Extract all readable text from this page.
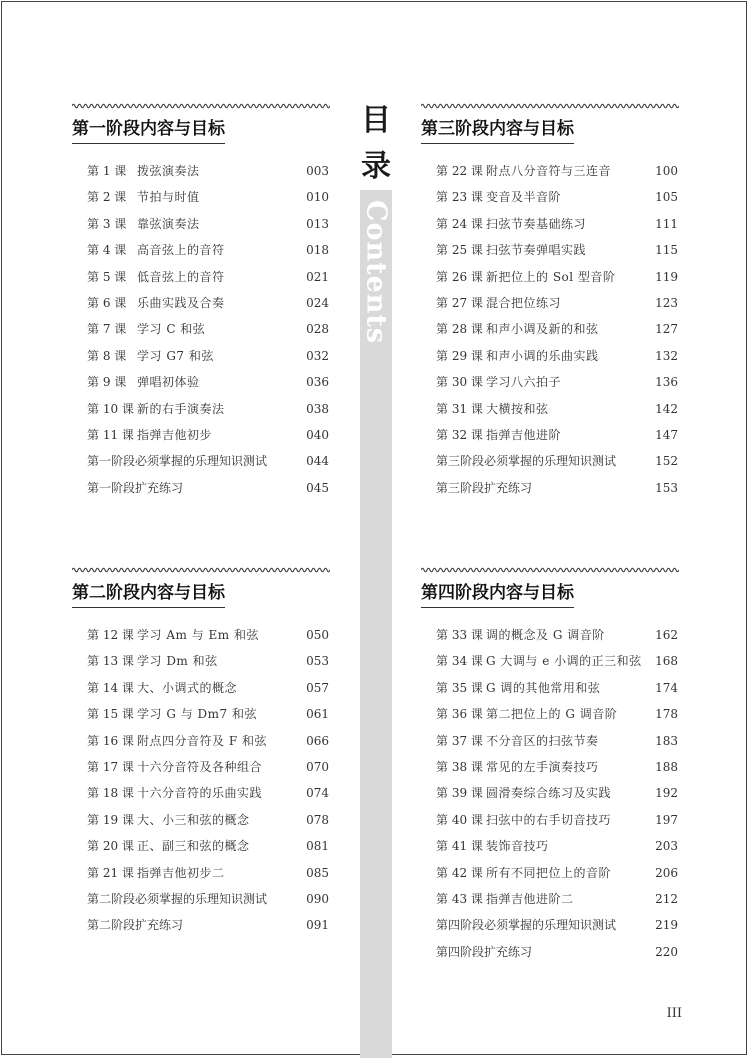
目
录
Contents
第一阶段内容与目标
第 1 课 拨弦演奏法	003
第 2 课 节拍与时值	010
第 3 课 靠弦演奏法	013
第 4 课 高音弦上的音符	018
第 5 课 低音弦上的音符	021
第 6 课 乐曲实践及合奏	024
第 7 课 学习 C 和弦	028
第 8 课 学习 G7 和弦	032
第 9 课 弹唱初体验	036
第 10 课 新的右手演奏法	038
第 11 课 指弹吉他初步	040
第一阶段必须掌握的乐理知识测试	044
第一阶段扩充练习	045
第二阶段内容与目标
第 12 课 学习 Am 与 Em 和弦	050
第 13 课 学习 Dm 和弦	053
第 14 课 大、小调式的概念	057
第 15 课 学习 G 与 Dm7 和弦	061
第 16 课 附点四分音符及 F 和弦	066
第 17 课 十六分音符及各种组合	070
第 18 课 十六分音符的乐曲实践	074
第 19 课 大、小三和弦的概念	078
第 20 课 正、副三和弦的概念	081
第 21 课 指弹吉他初步二	085
第二阶段必须掌握的乐理知识测试	090
第二阶段扩充练习	091
第三阶段内容与目标
第 22 课 附点八分音符与三连音	100
第 23 课 变音及半音阶	105
第 24 课 扫弦节奏基础练习	111
第 25 课 扫弦节奏弹唱实践	115
第 26 课 新把位上的 Sol 型音阶	119
第 27 课 混合把位练习	123
第 28 课 和声小调及新的和弦	127
第 29 课 和声小调的乐曲实践	132
第 30 课 学习八六拍子	136
第 31 课 大横按和弦	142
第 32 课 指弹吉他进阶	147
第三阶段必须掌握的乐理知识测试	152
第三阶段扩充练习	153
第四阶段内容与目标
第 33 课 调的概念及 G 调音阶	162
第 34 课 G 大调与 e 小调的正三和弦 168
第 35 课 G 调的其他常用和弦	174
第 36 课 第二把位上的 G 调音阶	178
第 37 课 不分音区的扫弦节奏	183
第 38 课 常见的左手演奏技巧	188
第 39 课 圆滑奏综合练习及实践	192
第 40 课 扫弦中的右手切音技巧	197
第 41 课 装饰音技巧	203
第 42 课 所有不同把位上的音阶	206
第 43 课 指弹吉他进阶二	212
第四阶段必须掌握的乐理知识测试	219
第四阶段扩充练习	220
III
